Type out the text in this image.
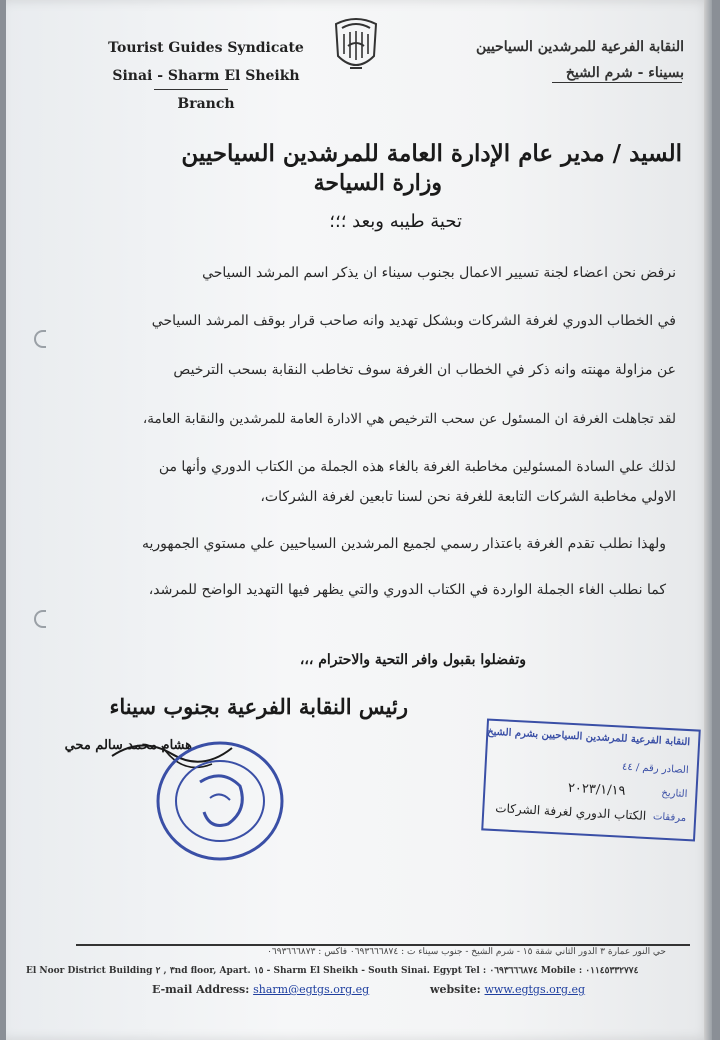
Tourist Guides Syndicate
Sinai - Sharm El Sheikh Branch
النقابة الفرعية للمرشدين السياحيين
بسيناء - شرم الشيخ
السيد / مدير عام الإدارة العامة للمرشدين السياحيين
وزارة السياحة
تحية طيبه وبعد ؛؛؛
نرفض نحن اعضاء لجنة تسيير الاعمال بجنوب سيناء ان يذكر اسم المرشد السياحي
في الخطاب الدوري لغرفة الشركات وبشكل تهديد وانه صاحب قرار بوقف المرشد السياحي
عن مزاولة مهنته وانه ذكر في الخطاب ان الغرفة سوف تخاطب النقابة بسحب الترخيص
لقد تجاهلت الغرفة ان المسئول عن سحب الترخيص هي الادارة العامة للمرشدين والنقابة العامة،
لذلك علي السادة المسئولين مخاطبة الغرفة بالغاء هذه الجملة من الكتاب الدوري وأنها من
الاولي مخاطبة الشركات التابعة للغرفة نحن لسنا تابعين لغرفة الشركات،
ولهذا نطلب تقدم الغرفة باعتذار رسمي لجميع المرشدين السياحيين علي مستوي الجمهوريه
كما نطلب الغاء الجملة الواردة في الكتاب الدوري والتي يظهر فيها التهديد الواضح للمرشد،
وتفضلوا بقبول وافر التحية والاحترام ،،،
رئيس النقابة الفرعية بجنوب سيناء
هشام محمد سالم محي	النقابة الفرعية للمرشدين السياحيين بشرم الشيخ
الصادر رقم / ٤٤
التاريخ
٢٠٢٣/١/١٩
مرفقات
الكتاب الدوري لغرفة الشركات
حي النور عمارة ٣ الدور الثاني شقة ١٥ - شرم الشيخ - جنوب سيناء ت : ٠٦٩٣٦٦٦٨٧٤ فاكس : ٠٦٩٣٦٦٦٨٧٣
El Noor District Building ٣ , ٢nd floor, Apart. ١٥ - Sharm El Sheikh - South Sinai. Egypt Tel : ٠٦٩٣٦٦٦٨٧٤ Mobile : ٠١١٤٥٣٣٢٧٧٤
E-mail Address: sharm@egtgs.org.eg	website: www.egtgs.org.eg
